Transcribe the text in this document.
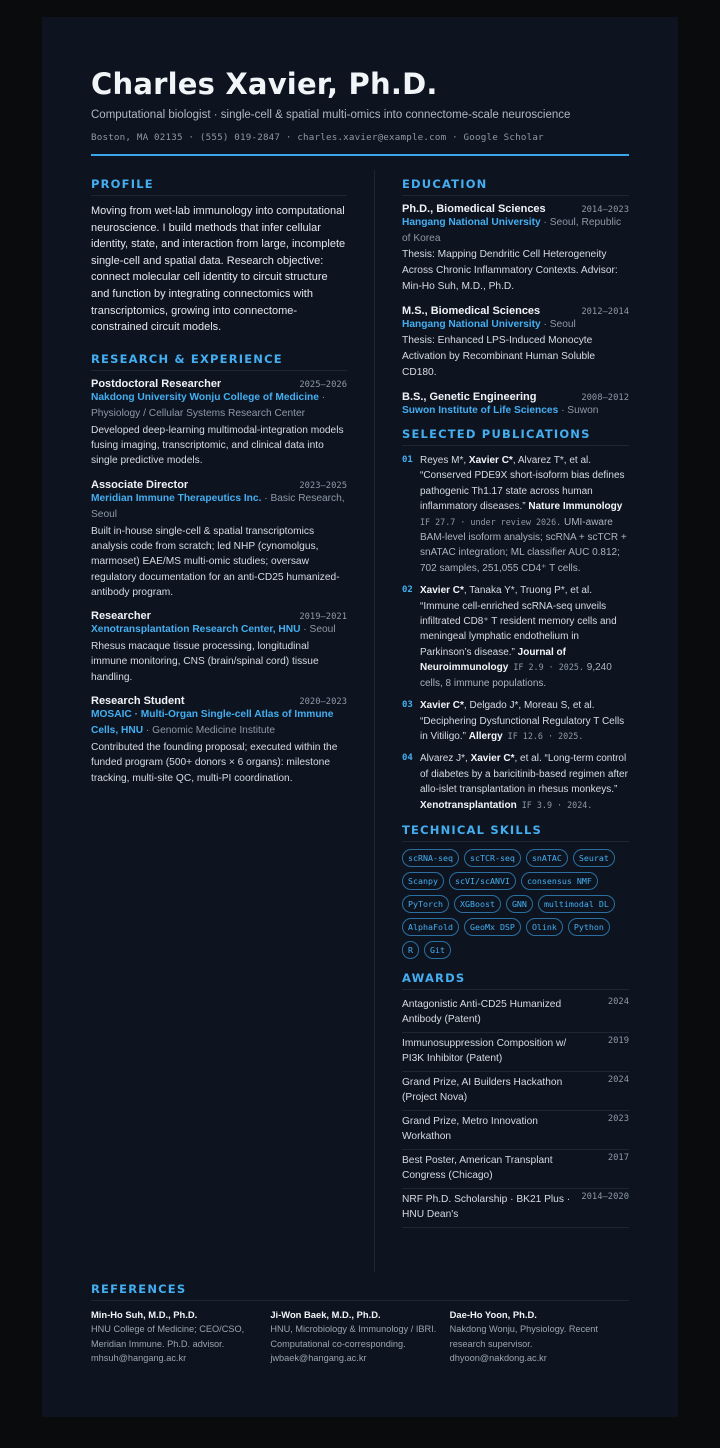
Charles Xavier, Ph.D.
Computational biologist · single-cell & spatial multi-omics into connectome-scale neuroscience
Boston, MA 02135 · (555) 019-2847 · charles.xavier@example.com · Google Scholar
PROFILE
Moving from wet-lab immunology into computational neuroscience. I build methods that infer cellular identity, state, and interaction from large, incomplete single-cell and spatial data. Research objective: connect molecular cell identity to circuit structure and function by integrating connectomics with transcriptomics, growing into connectome-constrained circuit models.
RESEARCH & EXPERIENCE
Postdoctoral Researcher	2025–2026
Nakdong University Wonju College of Medicine · Physiology / Cellular Systems Research Center
Developed deep-learning multimodal-integration models fusing imaging, transcriptomic, and clinical data into single predictive models.
Associate Director	2023–2025
Meridian Immune Therapeutics Inc. · Basic Research, Seoul
Built in-house single-cell & spatial transcriptomics analysis code from scratch; led NHP (cynomolgus, marmoset) EAE/MS multi-omic studies; oversaw regulatory documentation for an anti-CD25 humanized-antibody program.
Researcher	2019–2021
Xenotransplantation Research Center, HNU · Seoul
Rhesus macaque tissue processing, longitudinal immune monitoring, CNS (brain/spinal cord) tissue handling.
Research Student	2020–2023
MOSAIC · Multi-Organ Single-cell Atlas of Immune Cells, HNU · Genomic Medicine Institute
Contributed the founding proposal; executed within the funded program (500+ donors × 6 organs): milestone tracking, multi-site QC, multi-PI coordination.
EDUCATION
Ph.D., Biomedical Sciences	2014–2023
Hangang National University · Seoul, Republic of Korea
Thesis: Mapping Dendritic Cell Heterogeneity Across Chronic Inflammatory Contexts. Advisor: Min-Ho Suh, M.D., Ph.D.
M.S., Biomedical Sciences	2012–2014
Hangang National University · Seoul
Thesis: Enhanced LPS-Induced Monocyte Activation by Recombinant Human Soluble CD180.
B.S., Genetic Engineering	2008–2012
Suwon Institute of Life Sciences · Suwon
SELECTED PUBLICATIONS
01 Reyes M*, Xavier C*, Alvarez T*, et al. “Conserved PDE9X short-isoform bias defines pathogenic Th1.17 state across human inflammatory diseases.” Nature Immunology IF 27.7 · under review 2026. UMI-aware BAM-level isoform analysis; scRNA + scTCR + snATAC integration; ML classifier AUC 0.812; 702 samples, 251,055 CD4⁺ T cells.
02 Xavier C*, Tanaka Y*, Truong P*, et al. “Immune cell-enriched scRNA-seq unveils infiltrated CD8⁺ T resident memory cells and meningeal lymphatic endothelium in Parkinson’s disease.” Journal of Neuroimmunology IF 2.9 · 2025. 9,240 cells, 8 immune populations.
03 Xavier C*, Delgado J*, Moreau S, et al. “Deciphering Dysfunctional Regulatory T Cells in Vitiligo.” Allergy IF 12.6 · 2025.
04 Alvarez J*, Xavier C*, et al. “Long-term control of diabetes by a baricitinib-based regimen after allo-islet transplantation in rhesus monkeys.” Xenotransplantation IF 3.9 · 2024.
TECHNICAL SKILLS
scRNA-seq	scTCR-seq	snATAC	Seurat
Scanpy	scVI/scANVI	consensus NMF
PyTorch	XGBoost	GNN	multimodal DL
AlphaFold	GeoMx DSP	Olink	Python
R	Git
AWARDS
Antagonistic Anti-CD25 Humanized Antibody (Patent)
2024
Immunosuppression Composition w/ PI3K Inhibitor (Patent)
2019
Grand Prize, AI Builders Hackathon (Project Nova)
2024
Grand Prize, Metro Innovation Workathon
2023
Best Poster, American Transplant Congress (Chicago)
2017
NRF Ph.D. Scholarship · BK21 Plus · HNU Dean's
2014–2020
REFERENCES
Min-Ho Suh, M.D., Ph.D.
HNU College of Medicine; CEO/CSO, Meridian Immune. Ph.D. advisor. mhsuh@hangang.ac.kr
Ji-Won Baek, M.D., Ph.D.
HNU, Microbiology & Immunology / IBRI. Computational co-corresponding. jwbaek@hangang.ac.kr
Dae-Ho Yoon, Ph.D.
Nakdong Wonju, Physiology. Recent research supervisor. dhyoon@nakdong.ac.kr
